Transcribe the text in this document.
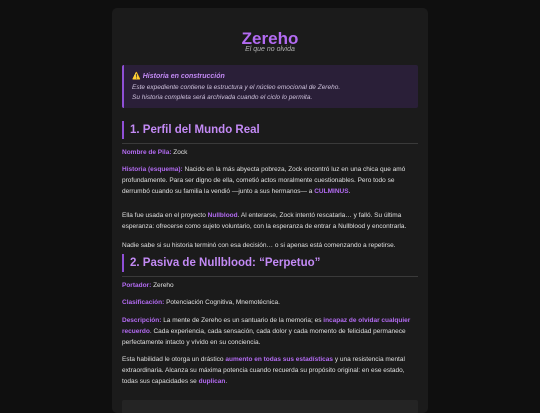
Zereho
El que no olvida
⚠️ Historia en construcción
Este expediente contiene la estructura y el núcleo emocional de Zereho.
Su historia completa será archivada cuando el ciclo lo permita.
1. Perfil del Mundo Real
Nombre de Pila: Zock
Historia (esquema): Nacido en la más abyecta pobreza, Zock encontró luz en una chica que amó profundamente. Para ser digno de ella, cometió actos moralmente cuestionables. Pero todo se derrumbó cuando su familia la vendió —junto a sus hermanos— a CULMINUS.
Ella fue usada en el proyecto Nullblood. Al enterarse, Zock intentó rescatarla… y falló. Su última esperanza: ofrecerse como sujeto voluntario, con la esperanza de entrar a Nullblood y encontrarla.
Nadie sabe si su historia terminó con esa decisión… o si apenas está comenzando a repetirse.
2. Pasiva de Nullblood: “Perpetuo”
Portador: Zereho
Clasificación: Potenciación Cognitiva, Mnemotécnica.
Descripción: La mente de Zereho es un santuario de la memoria; es incapaz de olvidar cualquier recuerdo. Cada experiencia, cada sensación, cada dolor y cada momento de felicidad permanece perfectamente intacto y vívido en su conciencia.
Esta habilidad le otorga un drástico aumento en todas sus estadísticas y una resistencia mental extraordinaria. Alcanza su máxima potencia cuando recuerda su propósito original: en ese estado, todas sus capacidades se duplican.
